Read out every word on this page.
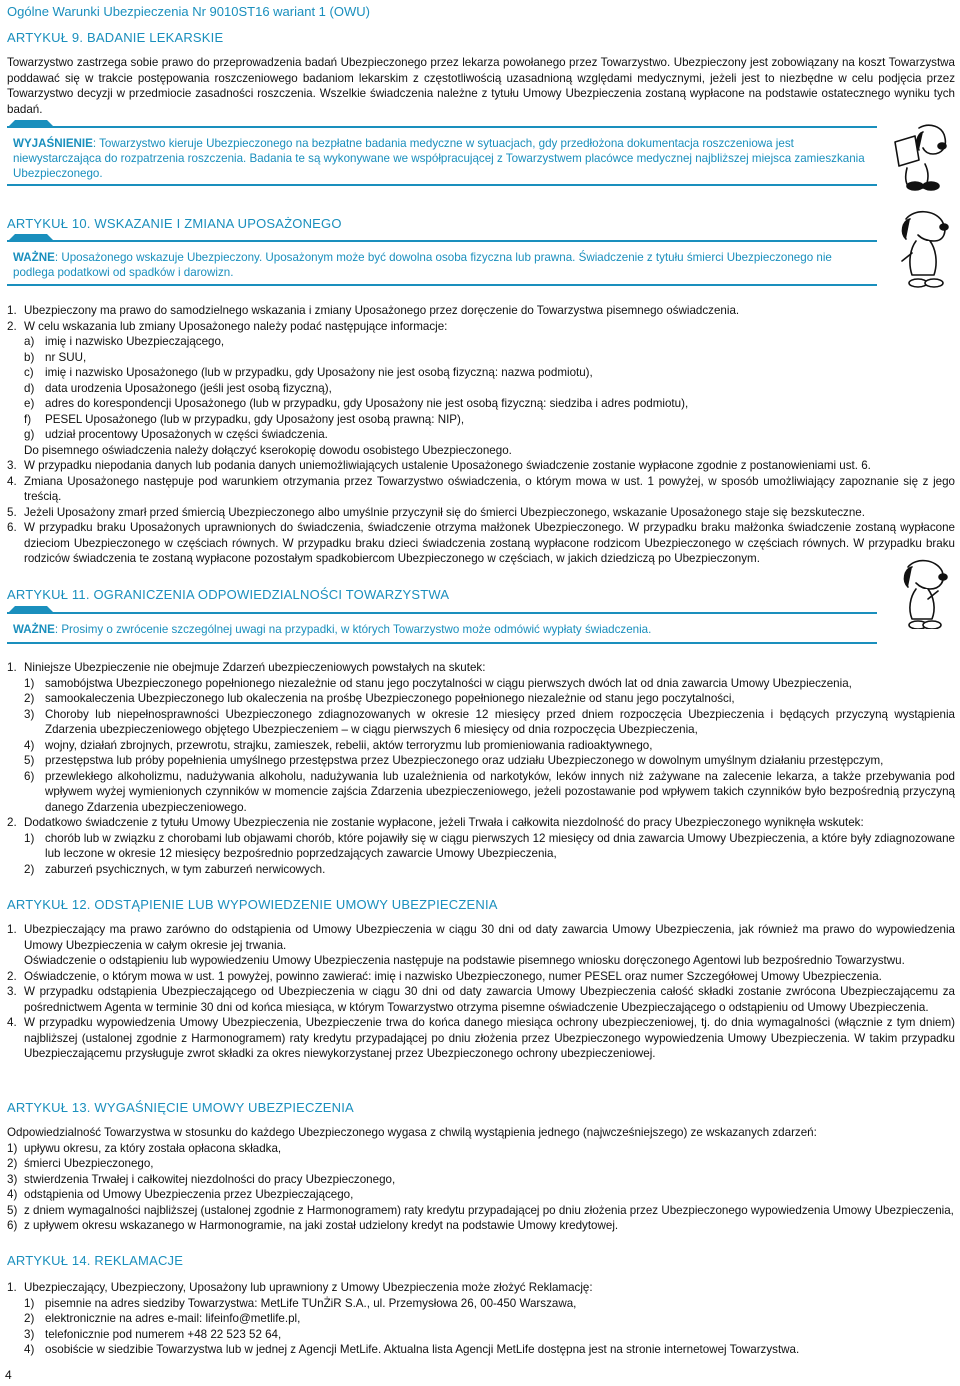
Ogólne Warunki Ubezpieczenia Nr 9010ST16 wariant 1 (OWU)
ARTYKUŁ 9. BADANIE LEKARSKIE
Towarzystwo zastrzega sobie prawo do przeprowadzenia badań Ubezpieczonego przez lekarza powołanego przez Towarzystwo. Ubezpieczony jest zobowiązany na koszt Towarzystwa poddawać się w trakcie postępowania roszczeniowego badaniom lekarskim z częstotliwością uzasadnioną względami medycznymi, jeżeli jest to niezbędne w celu podjęcia przez Towarzystwo decyzji w przedmiocie zasadności roszczenia. Wszelkie świadczenia należne z tytułu Umowy Ubezpieczenia zostaną wypłacone na podstawie ostatecznego wyniku tych badań.
WYJAŚNIENIE: Towarzystwo kieruje Ubezpieczonego na bezpłatne badania medyczne w sytuacjach, gdy przedłożona dokumentacja roszczeniowa jest niewystarczająca do rozpatrzenia roszczenia. Badania te są wykonywane we współpracującej z Towarzystwem placówce medycznej najbliższej miejsca zamieszkania Ubezpieczonego.
ARTYKUŁ 10. WSKAZANIE I ZMIANA UPOSAŻONEGO
WAŻNE: Uposażonego wskazuje Ubezpieczony. Uposażonym może być dowolna osoba fizyczna lub prawna. Świadczenie z tytułu śmierci Ubezpieczonego nie podlega podatkowi od spadków i darowizn.
1. Ubezpieczony ma prawo do samodzielnego wskazania i zmiany Uposażonego przez doręczenie do Towarzystwa pisemnego oświadczenia.
2. W celu wskazania lub zmiany Uposażonego należy podać następujące informacje:
a) imię i nazwisko Ubezpieczającego,
b) nr SUU,
c) imię i nazwisko Uposażonego (lub w przypadku, gdy Uposażony nie jest osobą fizyczną: nazwa podmiotu),
d) data urodzenia Uposażonego (jeśli jest osobą fizyczną),
e) adres do korespondencji Uposażonego (lub w przypadku, gdy Uposażony nie jest osobą fizyczną: siedziba i adres podmiotu),
f) PESEL Uposażonego (lub w przypadku, gdy Uposażony jest osobą prawną: NIP),
g) udział procentowy Uposażonych w części świadczenia.
Do pisemnego oświadczenia należy dołączyć kserokopię dowodu osobistego Ubezpieczonego.
3. W przypadku niepodania danych lub podania danych uniemożliwiających ustalenie Uposażonego świadczenie zostanie wypłacone zgodnie z postanowieniami ust. 6.
4. Zmiana Uposażonego następuje pod warunkiem otrzymania przez Towarzystwo oświadczenia, o którym mowa w ust. 1 powyżej, w sposób umożliwiający zapoznanie się z jego treścią.
5. Jeżeli Uposażony zmarł przed śmiercią Ubezpieczonego albo umyślnie przyczynił się do śmierci Ubezpieczonego, wskazanie Uposażonego staje się bezskuteczne.
6. W przypadku braku Uposażonych uprawnionych do świadczenia, świadczenie otrzyma małżonek Ubezpieczonego. W przypadku braku małżonka świadczenie zostaną wypłacone dzieciom Ubezpieczonego w częściach równych. W przypadku braku dzieci świadczenia zostaną wypłacone rodzicom Ubezpieczonego w częściach równych. W przypadku braku rodziców świadczenia te zostaną wypłacone pozostałym spadkobiercom Ubezpieczonego w częściach, w jakich dziedziczą po Ubezpieczonym.
ARTYKUŁ 11. OGRANICZENIA ODPOWIEDZIALNOŚCI TOWARZYSTWA
WAŻNE: Prosimy o zwrócenie szczególnej uwagi na przypadki, w których Towarzystwo może odmówić wypłaty świadczenia.
1. Niniejsze Ubezpieczenie nie obejmuje Zdarzeń ubezpieczeniowych powstałych na skutek:
1) samobójstwa Ubezpieczonego popełnionego niezależnie od stanu jego poczytalności w ciągu pierwszych dwóch lat od dnia zawarcia Umowy Ubezpieczenia,
2) samookaleczenia Ubezpieczonego lub okaleczenia na prośbę Ubezpieczonego popełnionego niezależnie od stanu jego poczytalności,
3) Choroby lub niepełnosprawności Ubezpieczonego zdiagnozowanych w okresie 12 miesięcy przed dniem rozpoczęcia Ubezpieczenia i będących przyczyną wystąpienia Zdarzenia ubezpieczeniowego objętego Ubezpieczeniem – w ciągu pierwszych 6 miesięcy od dnia rozpoczęcia Ubezpieczenia,
4) wojny, działań zbrojnych, przewrotu, strajku, zamieszek, rebelii, aktów terroryzmu lub promieniowania radioaktywnego,
5) przestępstwa lub próby popełnienia umyślnego przestępstwa przez Ubezpieczonego oraz udziału Ubezpieczonego w dowolnym umyślnym działaniu przestępczym,
6) przewlekłego alkoholizmu, nadużywania alkoholu, nadużywania lub uzależnienia od narkotyków, leków innych niż zażywane na zalecenie lekarza, a także przebywania pod wpływem wyżej wymienionych czynników w momencie zajścia Zdarzenia ubezpieczeniowego, jeżeli pozostawanie pod wpływem takich czynników było bezpośrednią przyczyną danego Zdarzenia ubezpieczeniowego.
2. Dodatkowo świadczenie z tytułu Umowy Ubezpieczenia nie zostanie wypłacone, jeżeli Trwała i całkowita niezdolność do pracy Ubezpieczonego wyniknęła wskutek:
1) chorób lub w związku z chorobami lub objawami chorób, które pojawiły się w ciągu pierwszych 12 miesięcy od dnia zawarcia Umowy Ubezpieczenia, a które były zdiagnozowane lub leczone w okresie 12 miesięcy bezpośrednio poprzedzających zawarcie Umowy Ubezpieczenia,
2) zaburzeń psychicznych, w tym zaburzeń nerwicowych.
ARTYKUŁ 12. ODSTĄPIENIE LUB WYPOWIEDZENIE UMOWY UBEZPIECZENIA
1. Ubezpieczający ma prawo zarówno do odstąpienia od Umowy Ubezpieczenia w ciągu 30 dni od daty zawarcia Umowy Ubezpieczenia, jak również ma prawo do wypowiedzenia Umowy Ubezpieczenia w całym okresie jej trwania.
Oświadczenie o odstąpieniu lub wypowiedzeniu Umowy Ubezpieczenia następuje na podstawie pisemnego wniosku doręczonego Agentowi lub bezpośrednio Towarzystwu.
2. Oświadczenie, o którym mowa w ust. 1 powyżej, powinno zawierać: imię i nazwisko Ubezpieczonego, numer PESEL oraz numer Szczegółowej Umowy Ubezpieczenia.
3. W przypadku odstąpienia Ubezpieczającego od Ubezpieczenia w ciągu 30 dni od daty zawarcia Umowy Ubezpieczenia całość składki zostanie zwrócona Ubezpieczającemu za pośrednictwem Agenta w terminie 30 dni od końca miesiąca, w którym Towarzystwo otrzyma pisemne oświadczenie Ubezpieczającego o odstąpieniu od Umowy Ubezpieczenia.
4. W przypadku wypowiedzenia Umowy Ubezpieczenia, Ubezpieczenie trwa do końca danego miesiąca ochrony ubezpieczeniowej, tj. do dnia wymagalności (włącznie z tym dniem) najbliższej (ustalonej zgodnie z Harmonogramem) raty kredytu przypadającej po dniu złożenia przez Ubezpieczonego wypowiedzenia Umowy Ubezpieczenia. W takim przypadku Ubezpieczającemu przysługuje zwrot składki za okres niewykorzystanej przez Ubezpieczonego ochrony ubezpieczeniowej.
ARTYKUŁ 13. WYGAŚNIĘCIE UMOWY UBEZPIECZENIA
Odpowiedzialność Towarzystwa w stosunku do każdego Ubezpieczonego wygasa z chwilą wystąpienia jednego (najwcześniejszego) ze wskazanych zdarzeń:
1) upływu okresu, za który została opłacona składka,
2) śmierci Ubezpieczonego,
3) stwierdzenia Trwałej i całkowitej niezdolności do pracy Ubezpieczonego,
4) odstąpienia od Umowy Ubezpieczenia przez Ubezpieczającego,
5) z dniem wymagalności najbliższej (ustalonej zgodnie z Harmonogramem) raty kredytu przypadającej po dniu złożenia przez Ubezpieczonego wypowiedzenia Umowy Ubezpieczenia,
6) z upływem okresu wskazanego w Harmonogramie, na jaki został udzielony kredyt na podstawie Umowy kredytowej.
ARTYKUŁ 14. REKLAMACJE
1. Ubezpieczający, Ubezpieczony, Uposażony lub uprawniony z Umowy Ubezpieczenia może złożyć Reklamację:
1) pisemnie na adres siedziby Towarzystwa: MetLife TUnŻiR S.A., ul. Przemysłowa 26, 00-450 Warszawa,
2) elektronicznie na adres e-mail: lifeinfo@metlife.pl,
3) telefonicznie pod numerem +48 22 523 52 64,
4) osobiście w siedzibie Towarzystwa lub w jednej z Agencji MetLife. Aktualna lista Agencji MetLife dostępna jest na stronie internetowej Towarzystwa.
4
